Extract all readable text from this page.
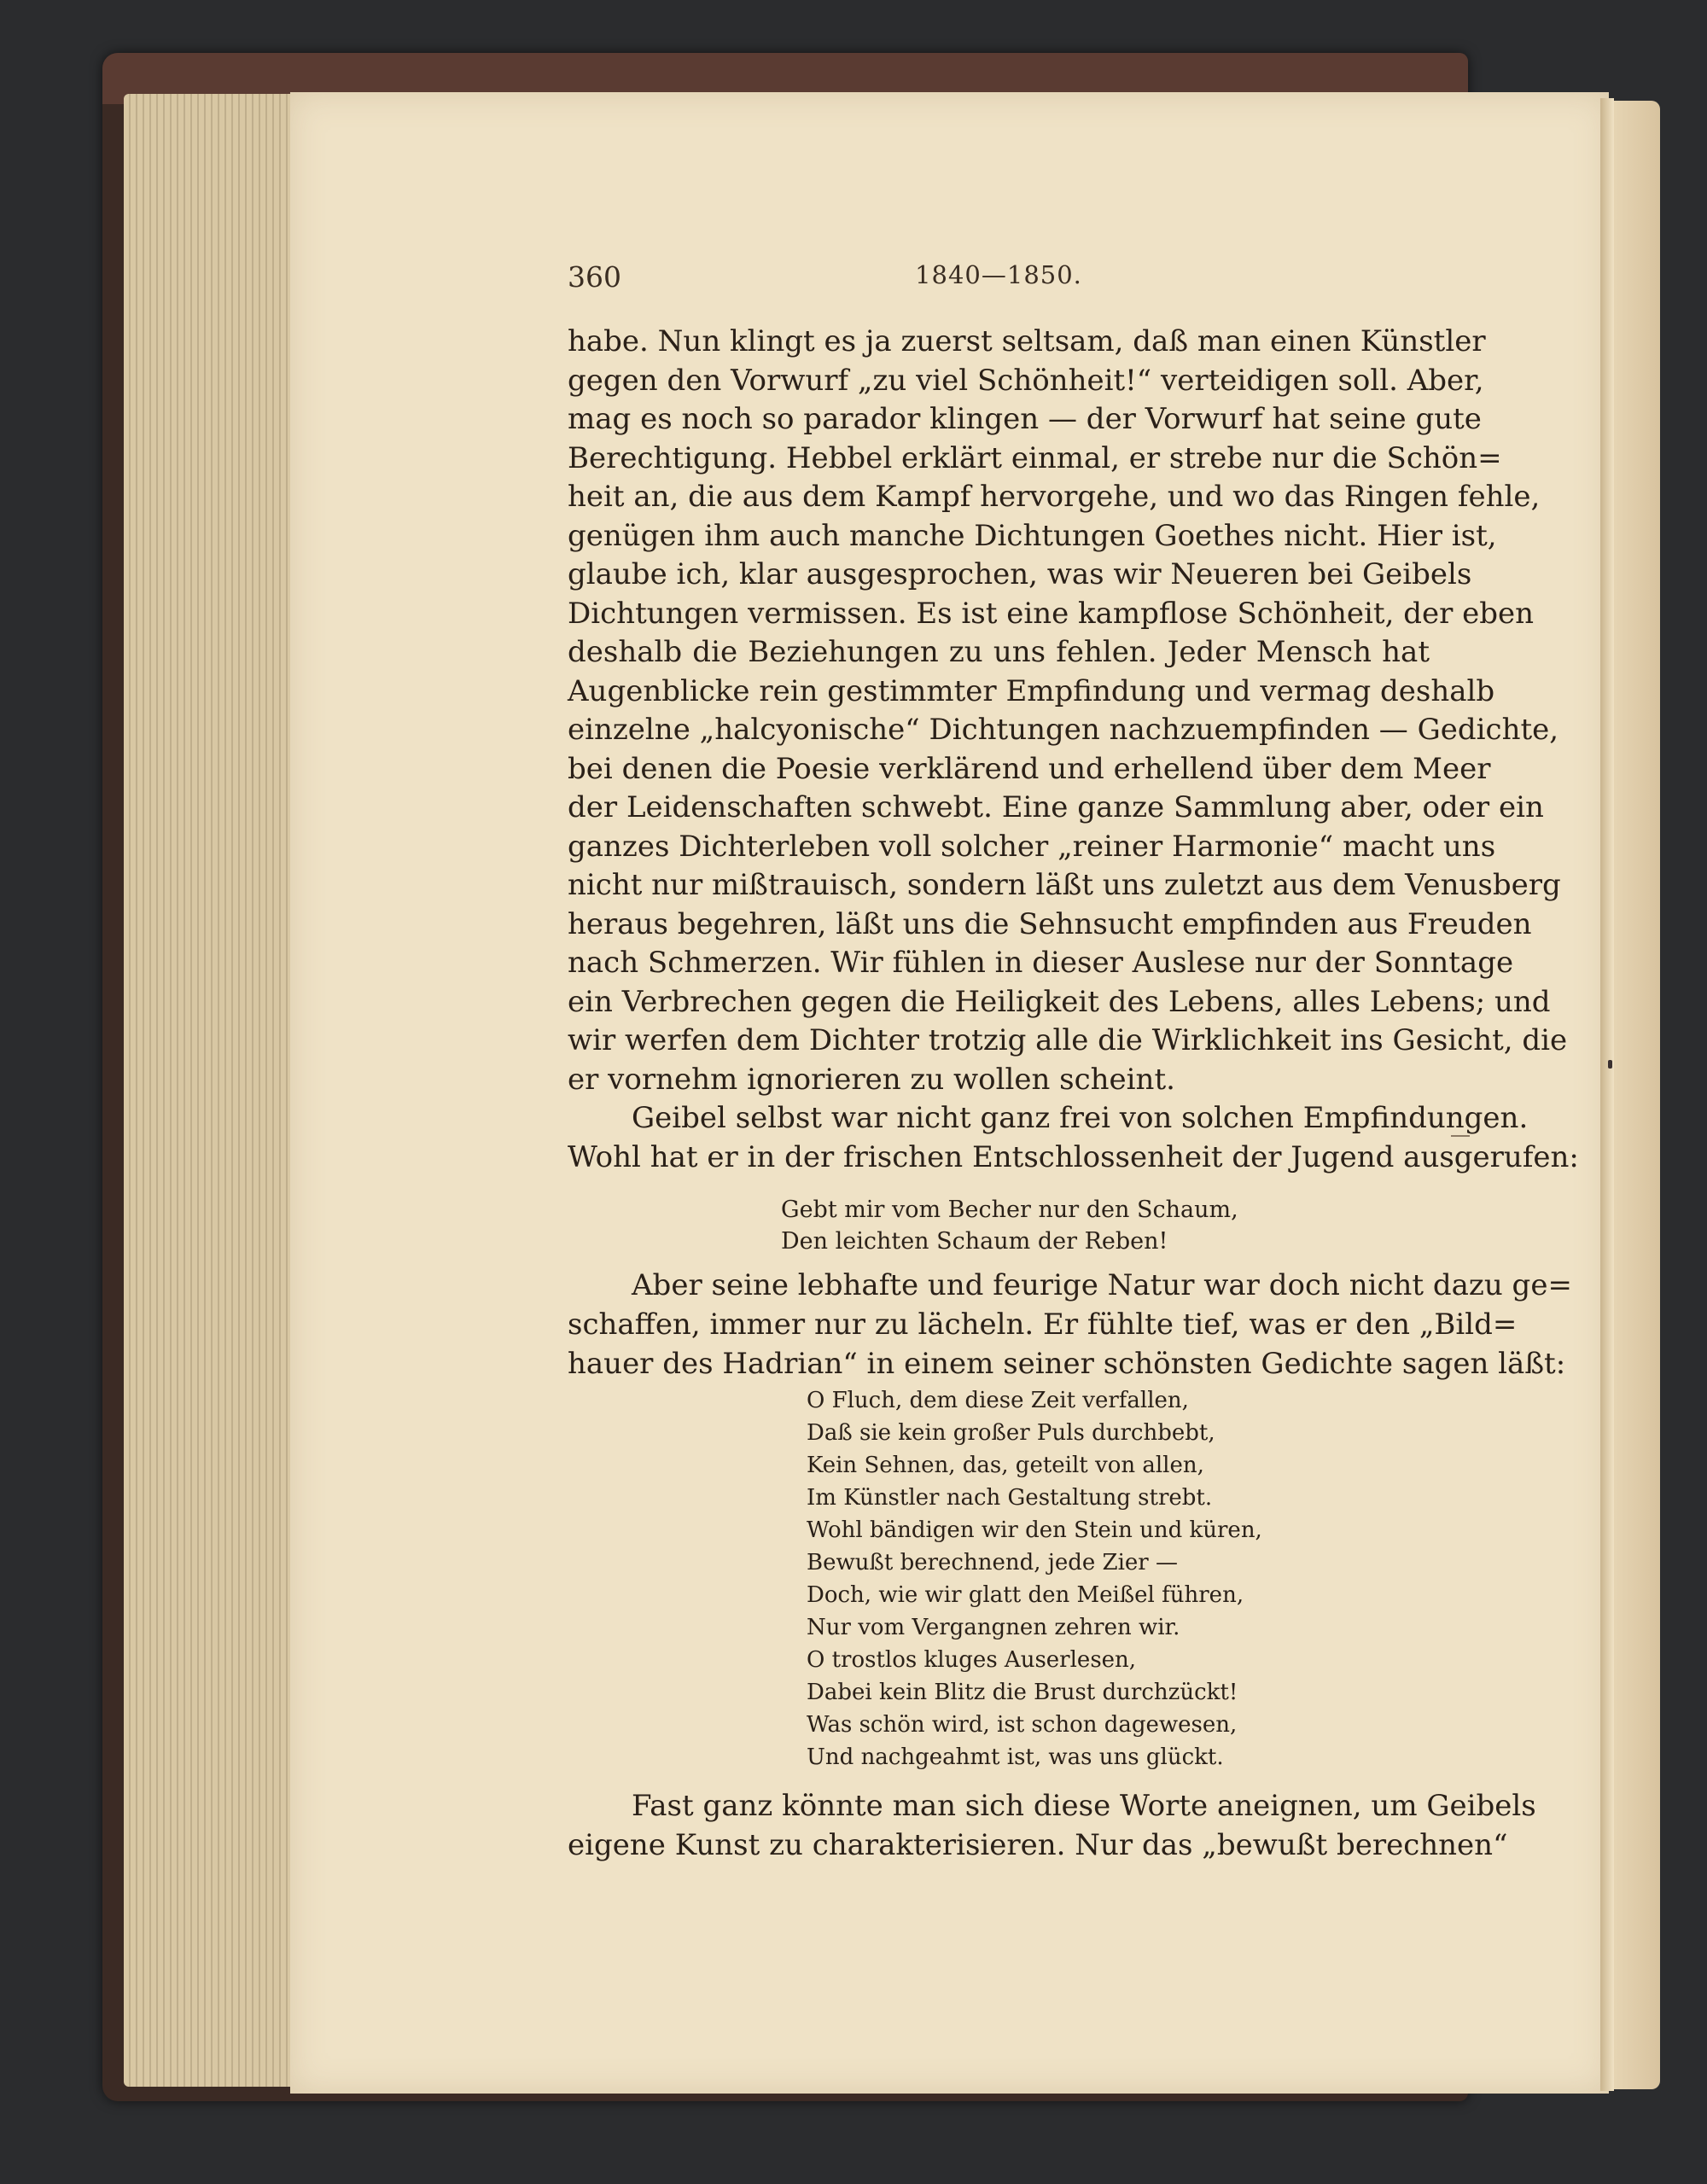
360	1840—1850.
habe. Nun klingt es ja zuerst seltsam, daß man einen Künstler
gegen den Vorwurf „zu viel Schönheit!“ verteidigen soll. Aber,
mag es noch so parador klingen — der Vorwurf hat seine gute
Berechtigung. Hebbel erklärt einmal, er strebe nur die Schön=
heit an, die aus dem Kampf hervorgehe, und wo das Ringen fehle,
genügen ihm auch manche Dichtungen Goethes nicht. Hier ist,
glaube ich, klar ausgesprochen, was wir Neueren bei Geibels
Dichtungen vermissen. Es ist eine kampflose Schönheit, der eben
deshalb die Beziehungen zu uns fehlen. Jeder Mensch hat
Augenblicke rein gestimmter Empfindung und vermag deshalb
einzelne „halcyonische“ Dichtungen nachzuempfinden — Gedichte,
bei denen die Poesie verklärend und erhellend über dem Meer
der Leidenschaften schwebt. Eine ganze Sammlung aber, oder ein
ganzes Dichterleben voll solcher „reiner Harmonie“ macht uns
nicht nur mißtrauisch, sondern läßt uns zuletzt aus dem Venusberg
heraus begehren, läßt uns die Sehnsucht empfinden aus Freuden
nach Schmerzen. Wir fühlen in dieser Auslese nur der Sonntage
ein Verbrechen gegen die Heiligkeit des Lebens, alles Lebens; und
wir werfen dem Dichter trotzig alle die Wirklichkeit ins Gesicht, die
er vornehm ignorieren zu wollen scheint.
Geibel selbst war nicht ganz frei von solchen Empfindungen.
Wohl hat er in der frischen Entschlossenheit der Jugend ausgerufen:
Gebt mir vom Becher nur den Schaum,
Den leichten Schaum der Reben!
Aber seine lebhafte und feurige Natur war doch nicht dazu ge=
schaffen, immer nur zu lächeln. Er fühlte tief, was er den „Bild=
hauer des Hadrian“ in einem seiner schönsten Gedichte sagen läßt:
O Fluch, dem diese Zeit verfallen,
Daß sie kein großer Puls durchbebt,
Kein Sehnen, das, geteilt von allen,
Im Künstler nach Gestaltung strebt.
Wohl bändigen wir den Stein und küren,
Bewußt berechnend, jede Zier —
Doch, wie wir glatt den Meißel führen,
Nur vom Vergangnen zehren wir.
O trostlos kluges Auserlesen,
Dabei kein Blitz die Brust durchzückt!
Was schön wird, ist schon dagewesen,
Und nachgeahmt ist, was uns glückt.
Fast ganz könnte man sich diese Worte aneignen, um Geibels
eigene Kunst zu charakterisieren. Nur das „bewußt berechnen“
